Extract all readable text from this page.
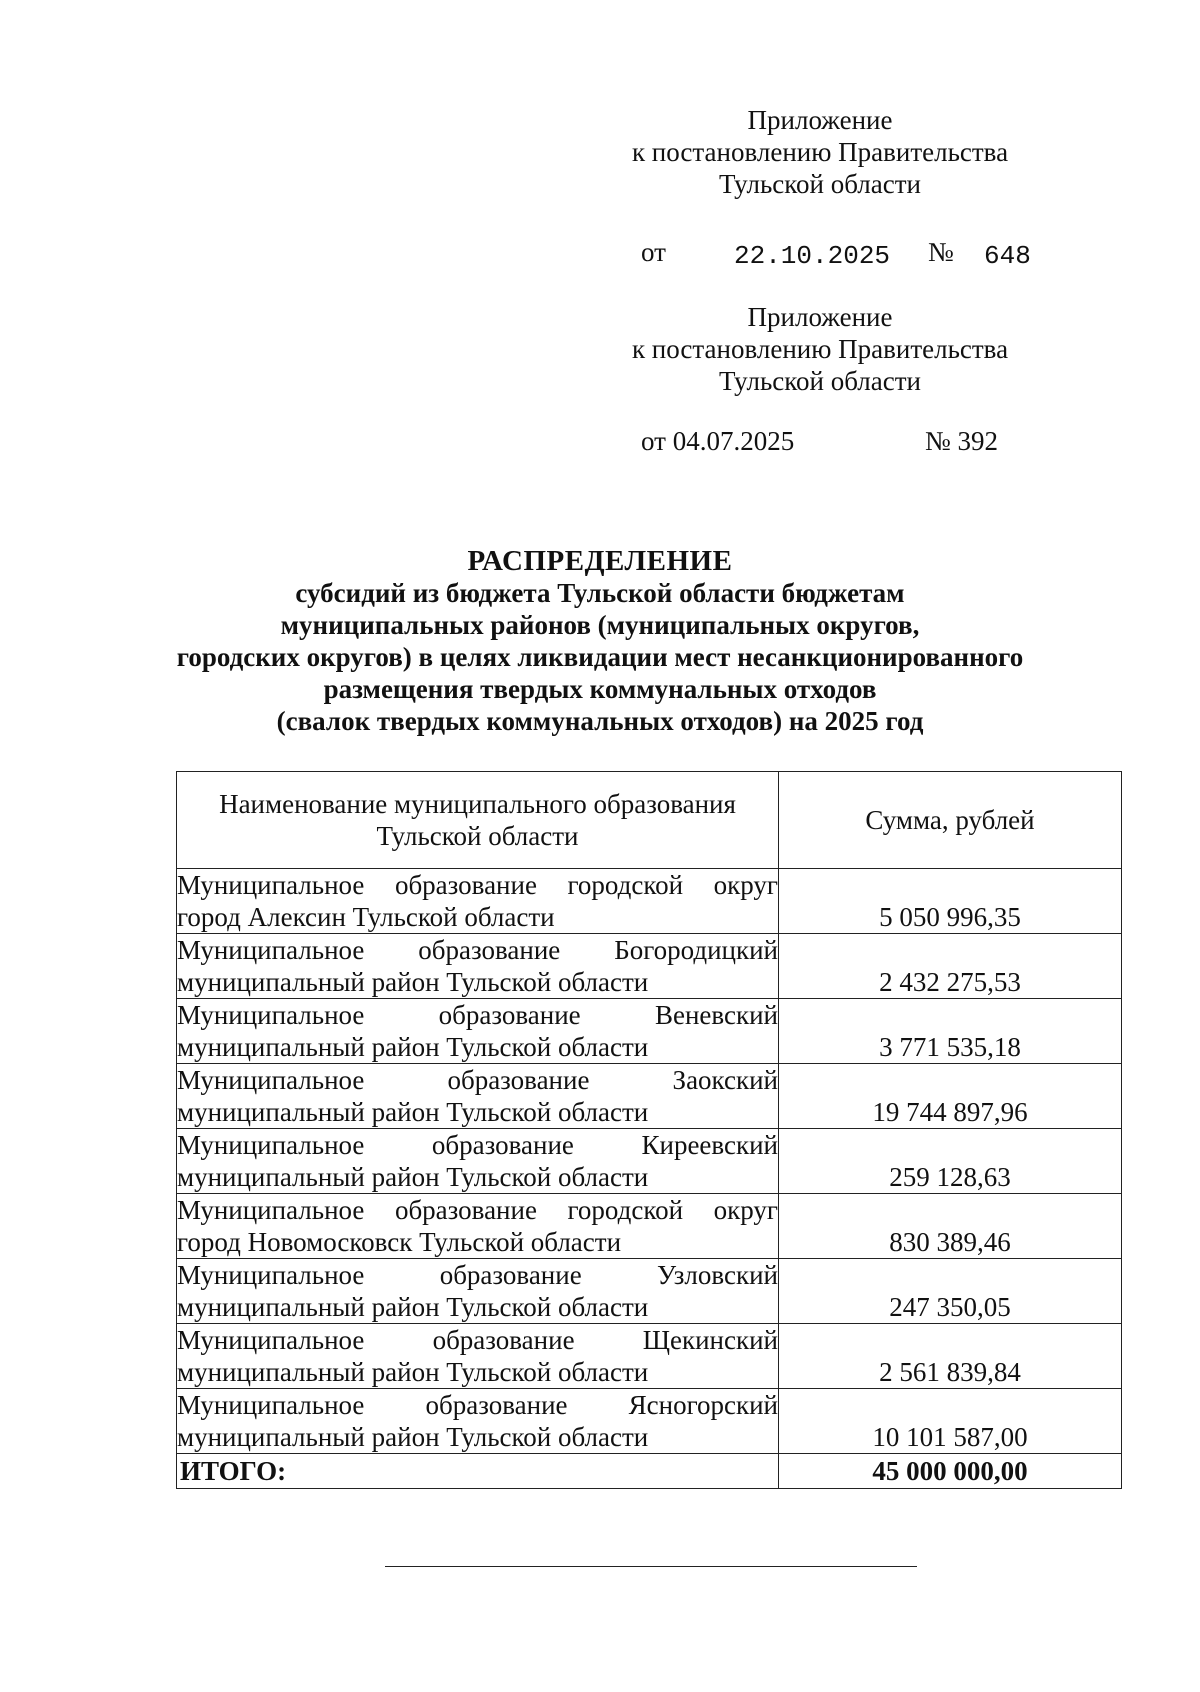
Приложение
к постановлению Правительства
Тульской области
от	22.10.2025 № 648
Приложение
к постановлению Правительства
Тульской области
от 04.07.2025	№ 392
РАСПРЕДЕЛЕНИЕ
субсидий из бюджета Тульской области бюджетам
муниципальных районов (муниципальных округов,
городских округов) в целях ликвидации мест несанкционированного
размещения твердых коммунальных отходов
(свалок твердых коммунальных отходов) на 2025 год
Наименование муниципального образования Тульской области	Сумма, рублей

Муниципальное образование городской округ
город Алексин Тульской области	5 050 996,35

Муниципальное образование Богородицкий
муниципальный район Тульской области	2 432 275,53

Муниципальное образование Веневский
муниципальный район Тульской области	3 771 535,18

Муниципальное образование Заокский
муниципальный район Тульской области	19 744 897,96

Муниципальное образование Киреевский
муниципальный район Тульской области	259 128,63

Муниципальное образование городской округ
город Новомосковск Тульской области	830 389,46

Муниципальное образование Узловский
муниципальный район Тульской области	247 350,05

Муниципальное образование Щекинский
муниципальный район Тульской области	2 561 839,84

Муниципальное образование Ясногорский
муниципальный район Тульской области	10 101 587,00
ИТОГО:	45 000 000,00
